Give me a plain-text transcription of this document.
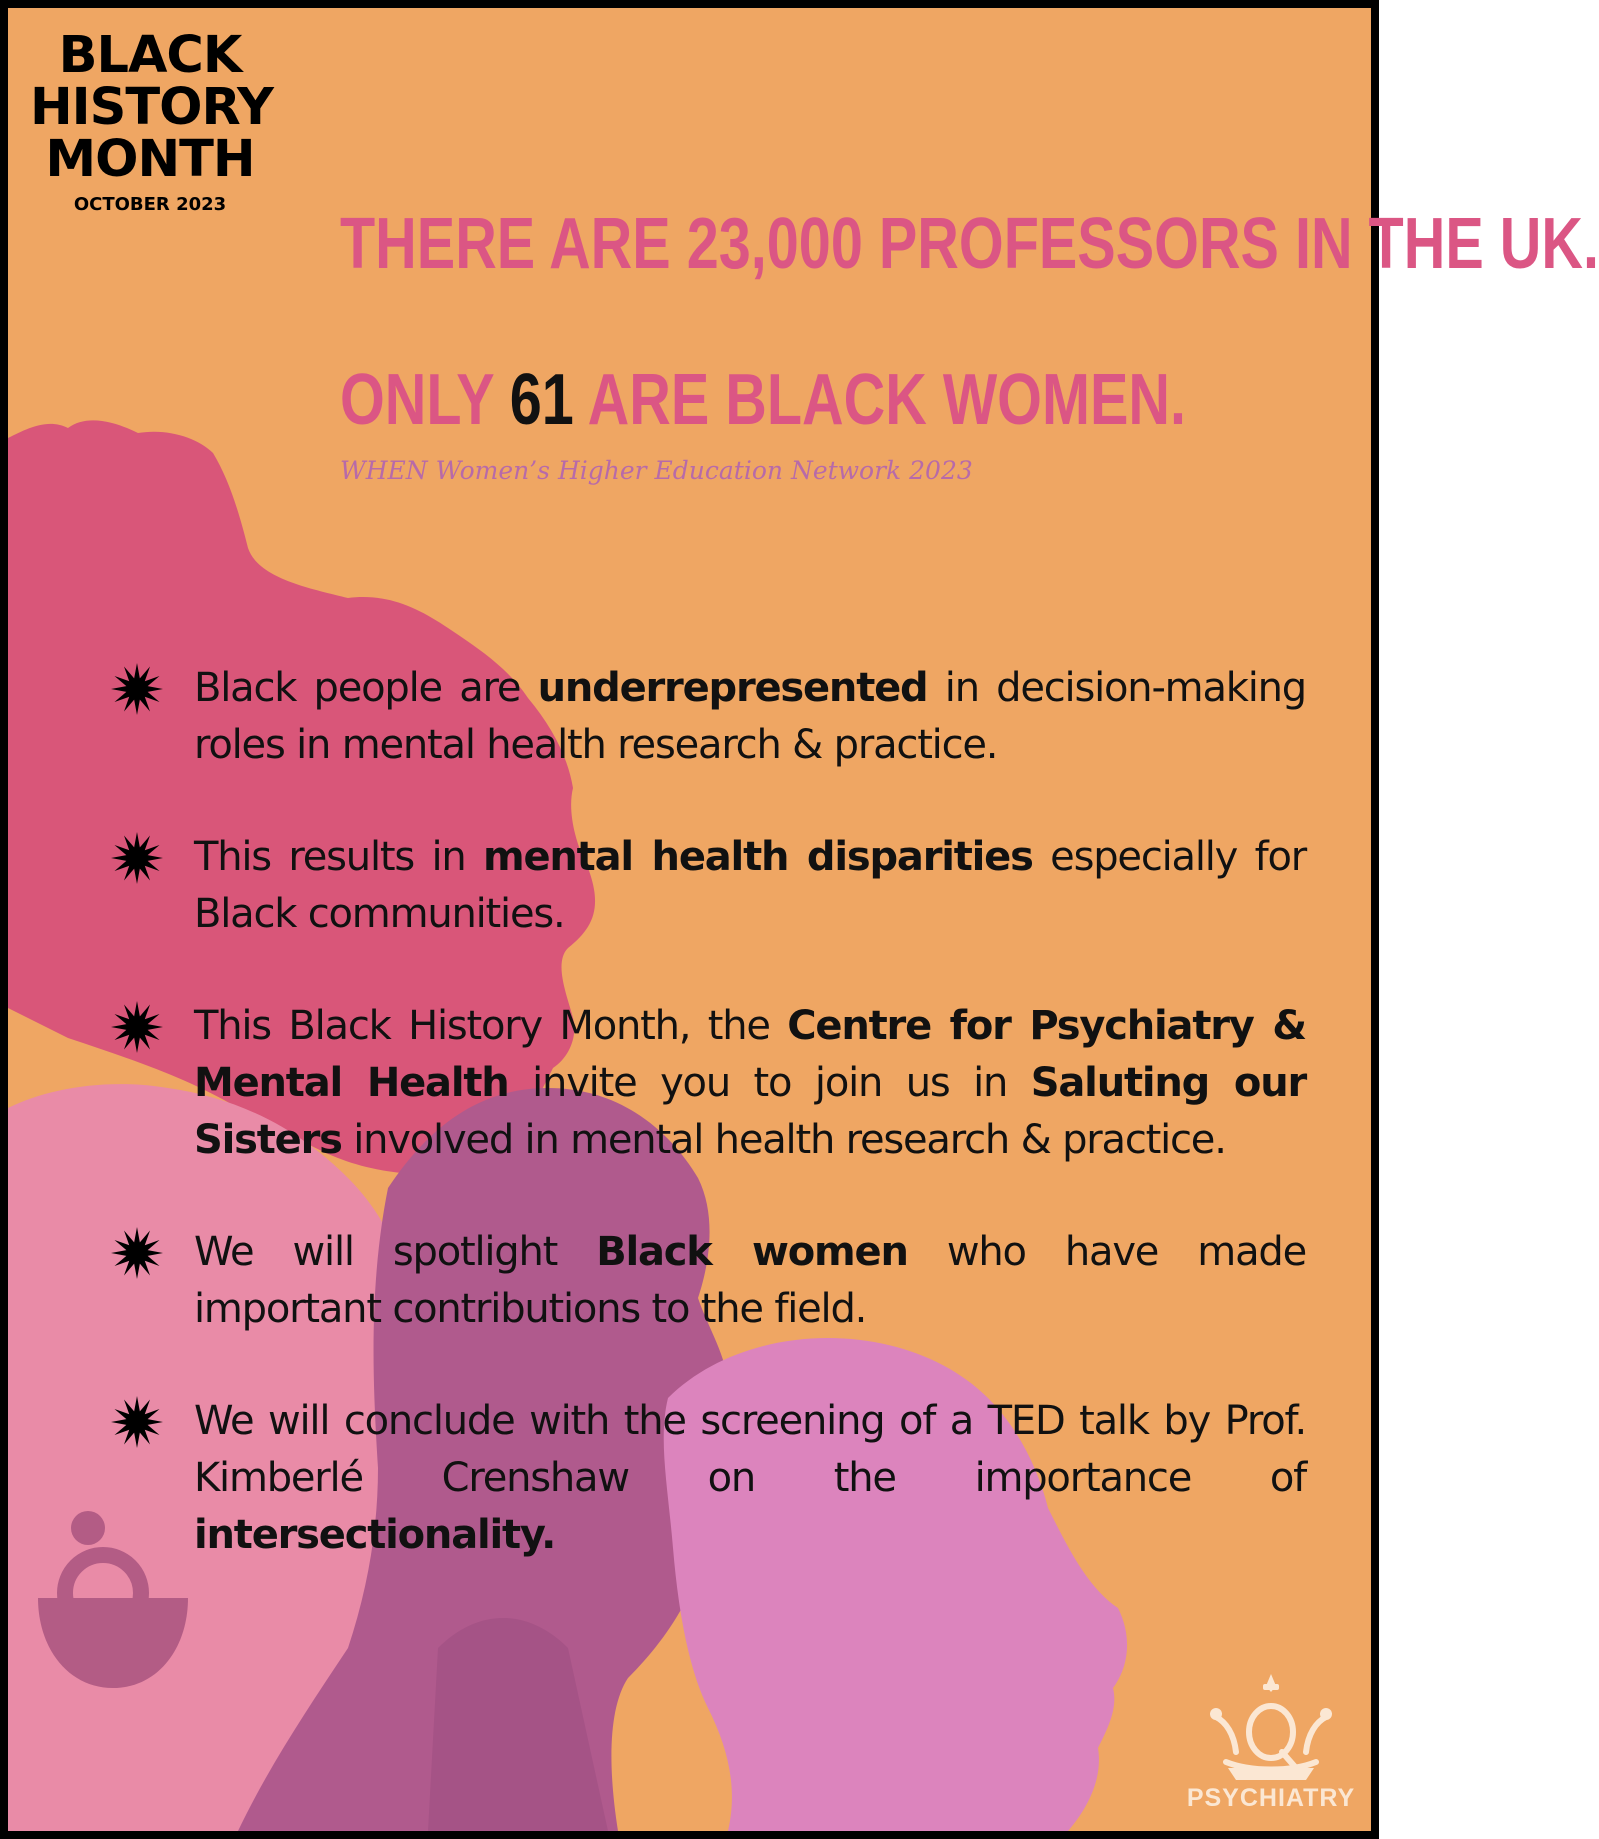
BLACK
HISTORY
MONTH
OCTOBER 2023	THERE ARE 23,000 PROFESSORS IN THE UK.
ONLY 61 ARE BLACK WOMEN.
WHEN Women’s Higher Education Network 2023
Black people are underrepresented in decision-making roles in mental health research & practice.
This results in mental health disparities especially for Black communities.
This Black History Month, the Centre for Psychiatry & Mental Health invite you to join us in Saluting our Sisters involved in mental health research & practice.
We will spotlight Black women who have made important contributions to the field.
We will conclude with the screening of a TED talk by Prof. Kimberlé Crenshaw on the importance of intersectionality.
PSYCHIATRY
